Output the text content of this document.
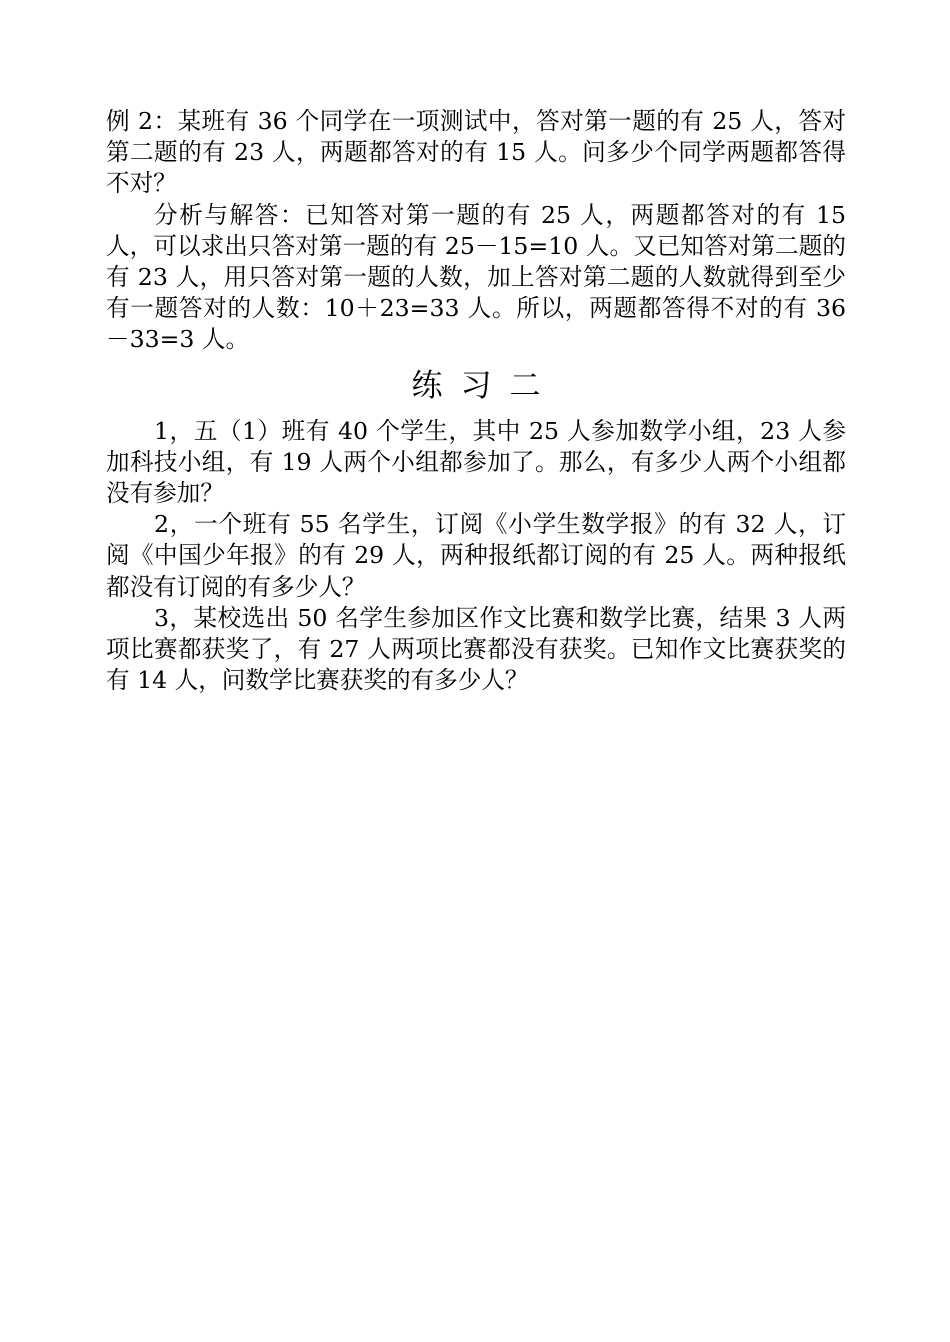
例 2：某班有 36 个同学在一项测试中，答对第一题的有 25 人，答对第二题的有 23 人，两题都答对的有 15 人。问多少个同学两题都答得不对？

分析与解答：已知答对第一题的有 25 人，两题都答对的有 15 人，可以求出只答对第一题的有 25－15=10 人。又已知答对第二题的有 23 人，用只答对第一题的人数，加上答对第二题的人数就得到至少有一题答对的人数：10＋23=33 人。所以，两题都答得不对的有 36－33=3 人。

练习二

1，五（1）班有 40 个学生，其中 25 人参加数学小组，23 人参加科技小组，有 19 人两个小组都参加了。那么，有多少人两个小组都没有参加？

2，一个班有 55 名学生，订阅《小学生数学报》的有 32 人，订阅《中国少年报》的有 29 人，两种报纸都订阅的有 25 人。两种报纸都没有订阅的有多少人？

3，某校选出 50 名学生参加区作文比赛和数学比赛，结果 3 人两项比赛都获奖了，有 27 人两项比赛都没有获奖。已知作文比赛获奖的有 14 人，问数学比赛获奖的有多少人？
